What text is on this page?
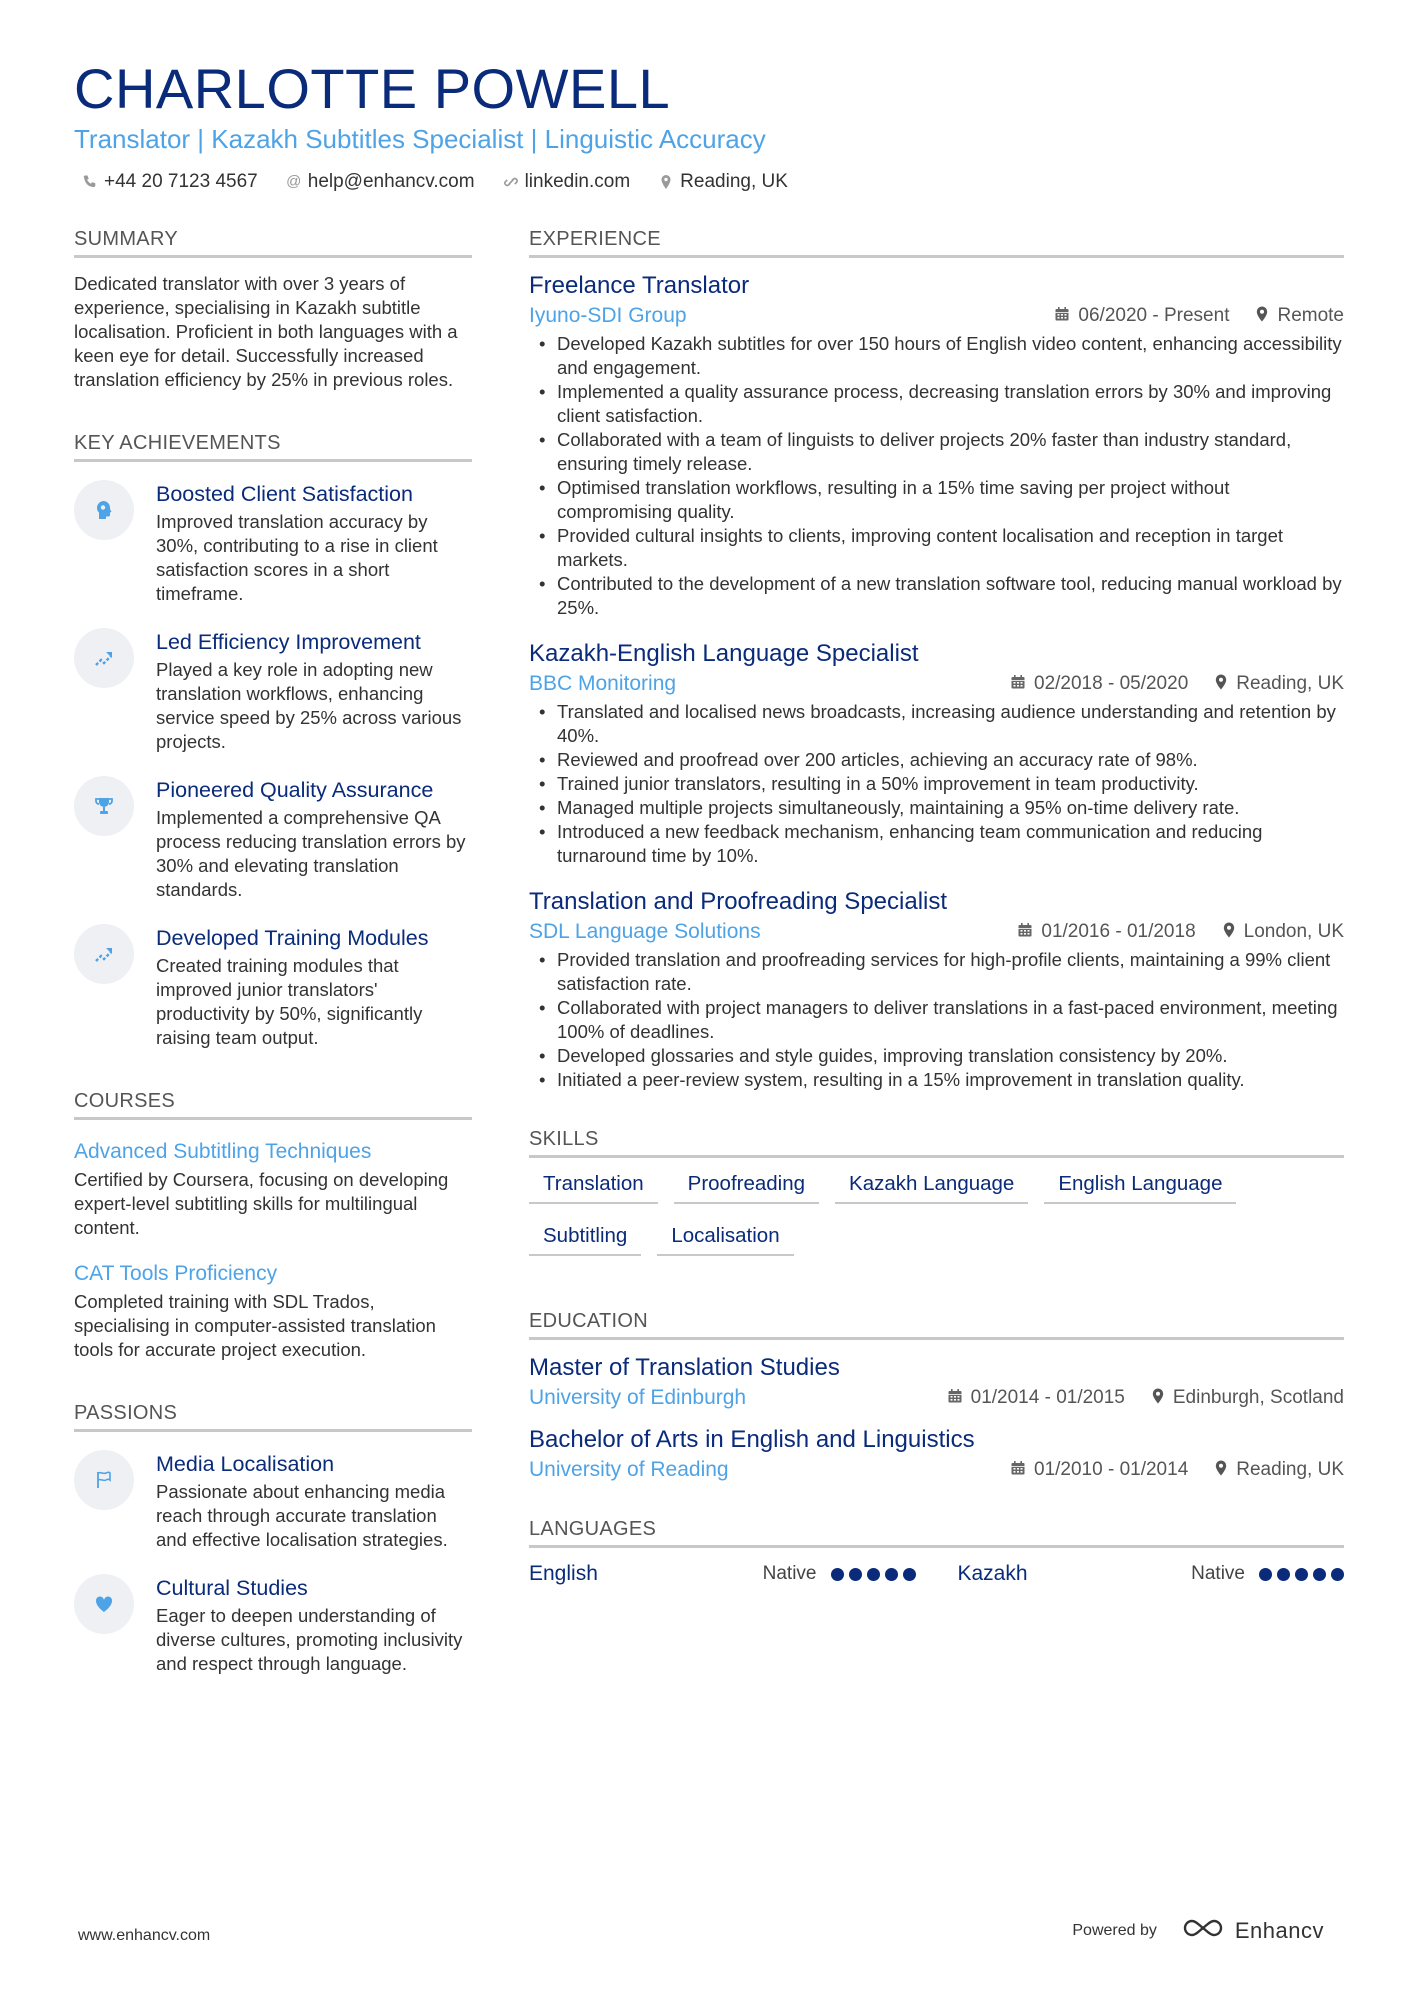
CHARLOTTE POWELL
Translator | Kazakh Subtitles Specialist | Linguistic Accuracy
+44 20 7123 4567 @ help@enhancv.com	linkedin.com	Reading, UK
SUMMARY
Dedicated translator with over 3 years of experience, specialising in Kazakh subtitle localisation. Proficient in both languages with a keen eye for detail. Successfully increased translation efficiency by 25% in previous roles.
KEY ACHIEVEMENTS
Boosted Client Satisfaction
Improved translation accuracy by 30%, contributing to a rise in client satisfaction scores in a short timeframe.
Led Efficiency Improvement
Played a key role in adopting new translation workflows, enhancing service speed by 25% across various projects.
Pioneered Quality Assurance
Implemented a comprehensive QA process reducing translation errors by 30% and elevating translation standards.
Developed Training Modules
Created training modules that improved junior translators' productivity by 50%, significantly raising team output.
COURSES
Advanced Subtitling Techniques
Certified by Coursera, focusing on developing expert-level subtitling skills for multilingual content.
CAT Tools Proficiency
Completed training with SDL Trados, specialising in computer-assisted translation tools for accurate project execution.
PASSIONS
Media Localisation
Passionate about enhancing media reach through accurate translation and effective localisation strategies.
Cultural Studies
Eager to deepen understanding of diverse cultures, promoting inclusivity and respect through language.
EXPERIENCE
Freelance Translator
Iyuno-SDI Group	06/2020 - Present	Remote
• Developed Kazakh subtitles for over 150 hours of English video content, enhancing accessibility and engagement.
• Implemented a quality assurance process, decreasing translation errors by 30% and improving client satisfaction.
• Collaborated with a team of linguists to deliver projects 20% faster than industry standard, ensuring timely release.
• Optimised translation workflows, resulting in a 15% time saving per project without compromising quality.
• Provided cultural insights to clients, improving content localisation and reception in target markets.
• Contributed to the development of a new translation software tool, reducing manual workload by 25%.
Kazakh-English Language Specialist
BBC Monitoring	02/2018 - 05/2020	Reading, UK
• Translated and localised news broadcasts, increasing audience understanding and retention by 40%.
• Reviewed and proofread over 200 articles, achieving an accuracy rate of 98%.
• Trained junior translators, resulting in a 50% improvement in team productivity.
• Managed multiple projects simultaneously, maintaining a 95% on-time delivery rate.
• Introduced a new feedback mechanism, enhancing team communication and reducing turnaround time by 10%.
Translation and Proofreading Specialist
SDL Language Solutions	01/2016 - 01/2018	London, UK
• Provided translation and proofreading services for high-profile clients, maintaining a 99% client satisfaction rate.
• Collaborated with project managers to deliver translations in a fast-paced environment, meeting 100% of deadlines.
• Developed glossaries and style guides, improving translation consistency by 20%.
• Initiated a peer-review system, resulting in a 15% improvement in translation quality.
SKILLS
Translation	Proofreading	Kazakh Language	English Language
Subtitling	Localisation
EDUCATION
Master of Translation Studies
University of Edinburgh	01/2014 - 01/2015	Edinburgh, Scotland
Bachelor of Arts in English and Linguistics
University of Reading	01/2010 - 01/2014	Reading, UK
LANGUAGES
English	Native	Kazakh	Native
www.enhancv.com	Powered by	Enhancv
